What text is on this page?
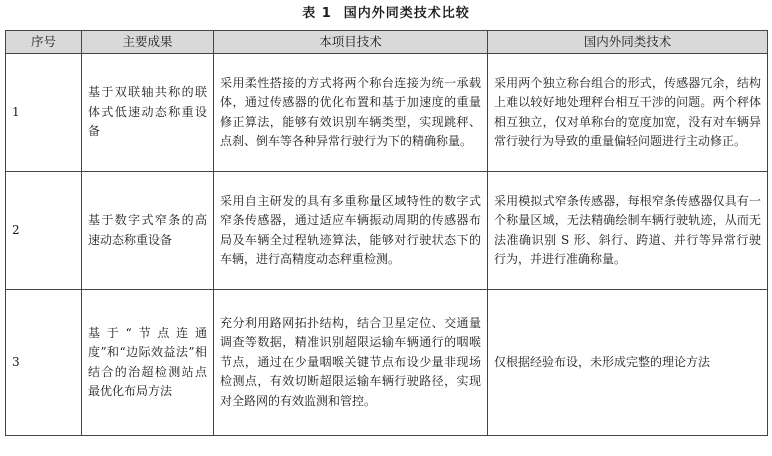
表 1 国内外同类技术比较
序号	主要成果	本项目技术	国内外同类技术
1	基于双联轴共称的联体式低速动态称重设备	采用柔性搭接的方式将两个称台连接为统一承载体，通过传感器的优化布置和基于加速度的重量修正算法，能够有效识别车辆类型，实现跳秤、点刹、倒车等各种异常行驶行为下的精确称量。	采用两个独立称台组合的形式，传感器冗余，结构上难以较好地处理秤台相互干涉的问题。两个秤体相互独立，仅对单称台的宽度加宽，没有对车辆异常行驶行为导致的重量偏轻问题进行主动修正。
2	基于数字式窄条的高速动态称重设备	采用自主研发的具有多重称量区域特性的数字式窄条传感器，通过适应车辆振动周期的传感器布局及车辆全过程轨迹算法，能够对行驶状态下的车辆，进行高精度动态秤重检测。	采用模拟式窄条传感器，每根窄条传感器仅具有一个称量区域，无法精确绘制车辆行驶轨迹，从而无法准确识别 S 形、斜行、跨道、并行等异常行驶行为，并进行准确称量。
3	基于“节点连通度”和“边际效益法”相结合的治超检测站点最优化布局方法	充分利用路网拓扑结构，结合卫星定位、交通量调查等数据，精准识别超限运输车辆通行的咽喉节点，通过在少量咽喉关键节点布设少量非现场检测点，有效切断超限运输车辆行驶路径，实现对全路网的有效监测和管控。	仅根据经验布设，未形成完整的理论方法
